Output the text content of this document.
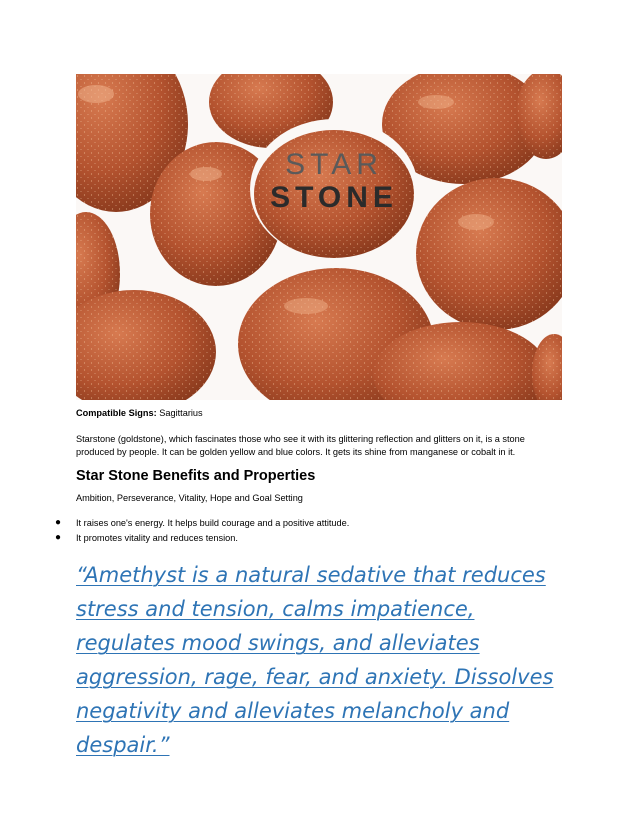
STAR
STONE
Compatible Signs: Sagittarius
Starstone (goldstone), which fascinates those who see it with its glittering reflection and glitters on it, is a stone produced by people. It can be golden yellow and blue colors. It gets its shine from manganese or cobalt in it.
Star Stone Benefits and Properties
Ambition, Perseverance, Vitality, Hope and Goal Setting
● It raises one's energy. It helps build courage and a positive attitude.
● It promotes vitality and reduces tension.
“Amethyst is a natural sedative that reduces stress and tension, calms impatience, regulates mood swings, and alleviates aggression, rage, fear, and anxiety. Dissolves negativity and alleviates melancholy and despair.”
